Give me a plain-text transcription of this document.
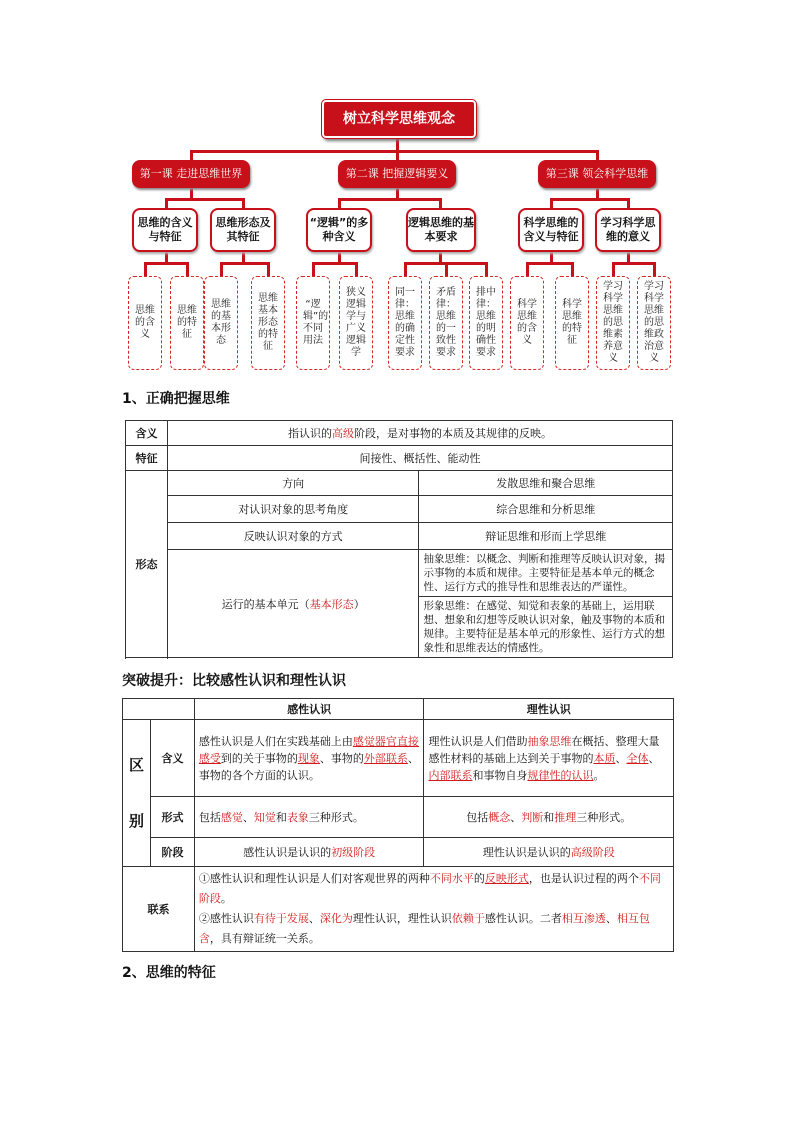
树立科学思维观念
第一课 走进思维世界	第二课 把握逻辑要义	第三课 领会科学思维
思维的含义与特征
思维形态及其特征
“逻辑”的多种含义
逻辑思维的基本要求
科学思维的含义与特征
学习科学思维的意义
思维的含义
思维的特征
思维的基本形态
思维基本形态的特征
“逻辑”的不同用法
狭义逻辑学与广义逻辑学
同一律：思维的确定性要求
矛盾律：思维的一致性要求
排中律：思维的明确性要求
科学思维的含义
科学思维的特征
学习科学思维的思维素养意义
学习科学思维的思维政治意义
1、正确把握思维
含义	指认识的高级阶段，是对事物的本质及其规律的反映。	
特征	间接性、概括性、能动性	
形态	方向	发散思维和聚合思维
	对认识对象的思考角度	综合思维和分析思维
	反映认识对象的方式	辩证思维和形而上学思维
	运行的基本单元（基本形态）	抽象思维：以概念、判断和推理等反映认识对象，揭示事物的本质和规律。主要特征是基本单元的概念性、运行方式的推导性和思维表达的严谨性。
		形象思维：在感觉、知觉和表象的基础上，运用联想、想象和幻想等反映认识对象，触及事物的本质和规律。主要特征是基本单元的形象性、运行方式的想象性和思维表达的情感性。

突破提升：比较感性认识和理性认识
		感性认识	理性认识

区
别	含义	感性认识是人们在实践基础上由感觉器官直接感受到的关于事物的现象、事物的外部联系、事物的各个方面的认识。	理性认识是人们借助抽象思维在概括、整理大量感性材料的基础上达到关于事物的本质、全体、内部联系和事物自身规律性的认识。
	形式	包括感觉、知觉和表象三种形式。	包括概念、判断和推理三种形式。
	阶段	感性认识是认识的初级阶段	理性认识是认识的高级阶段
联系		①感性认识和理性认识是人们对客观世界的两种不同水平的反映形式，也是认识过程的两个不同阶段。
②感性认识有待于发展、深化为理性认识，理性认识依赖于感性认识。二者相互渗透、相互包含，具有辩证统一关系。	
2、思维的特征
